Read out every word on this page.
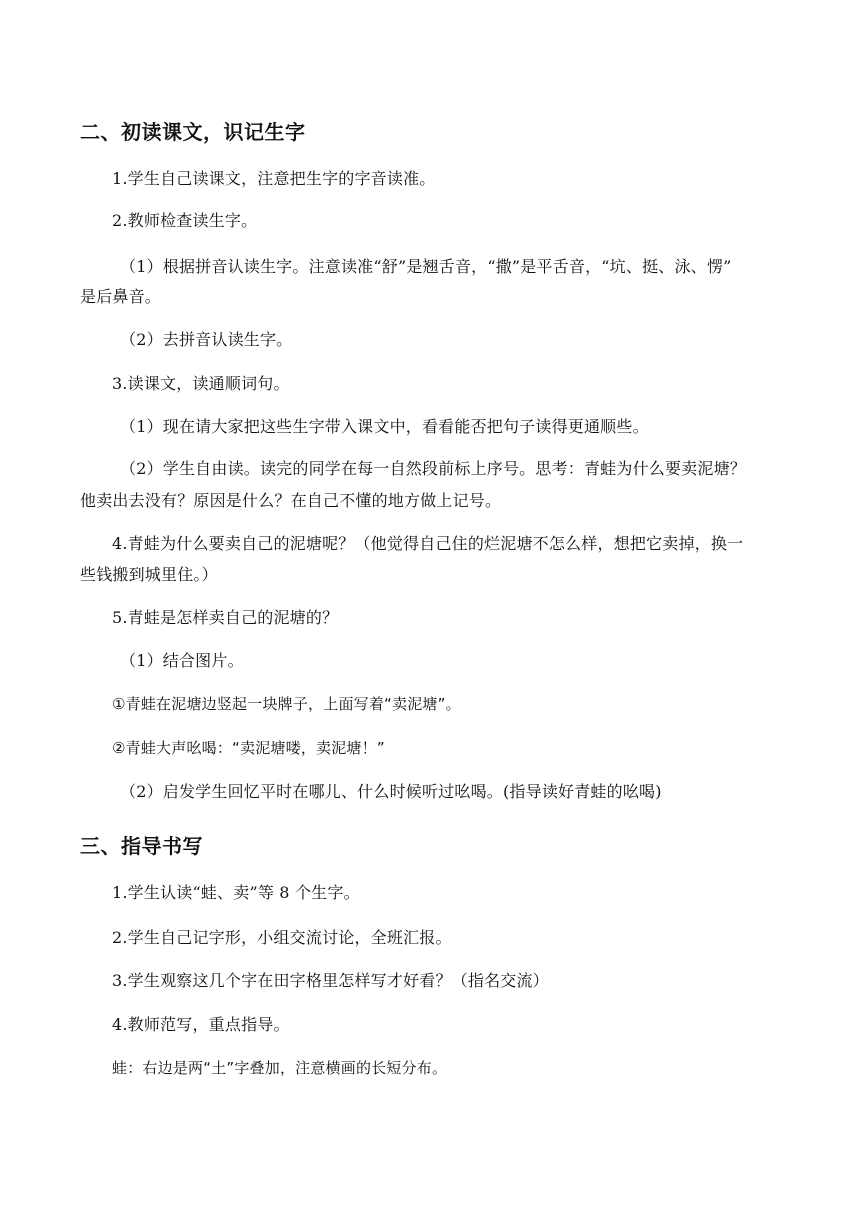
二、初读课文，识记生字
1.学生自己读课文，注意把生字的字音读准。
2.教师检查读生字。
（1）根据拼音认读生字。注意读准“舒”是翘舌音，“撒”是平舌音，“坑、挺、泳、愣”
是后鼻音。
（2）去拼音认读生字。
3.读课文，读通顺词句。
（1）现在请大家把这些生字带入课文中，看看能否把句子读得更通顺些。
（2）学生自由读。读完的同学在每一自然段前标上序号。思考：青蛙为什么要卖泥塘？
他卖出去没有？原因是什么？在自己不懂的地方做上记号。
4.青蛙为什么要卖自己的泥塘呢？（他觉得自己住的烂泥塘不怎么样，想把它卖掉，换一
些钱搬到城里住。）
5.青蛙是怎样卖自己的泥塘的？
（1）结合图片。
①青蛙在泥塘边竖起一块牌子，上面写着“卖泥塘”。
②青蛙大声吆喝：“卖泥塘喽，卖泥塘！”
（2）启发学生回忆平时在哪儿、什么时候听过吆喝。(指导读好青蛙的吆喝)
三、指导书写
1.学生认读“蛙、卖”等 8 个生字。
2.学生自己记字形，小组交流讨论，全班汇报。
3.学生观察这几个字在田字格里怎样写才好看？（指名交流）
4.教师范写，重点指导。
蛙：右边是两“土”字叠加，注意横画的长短分布。
